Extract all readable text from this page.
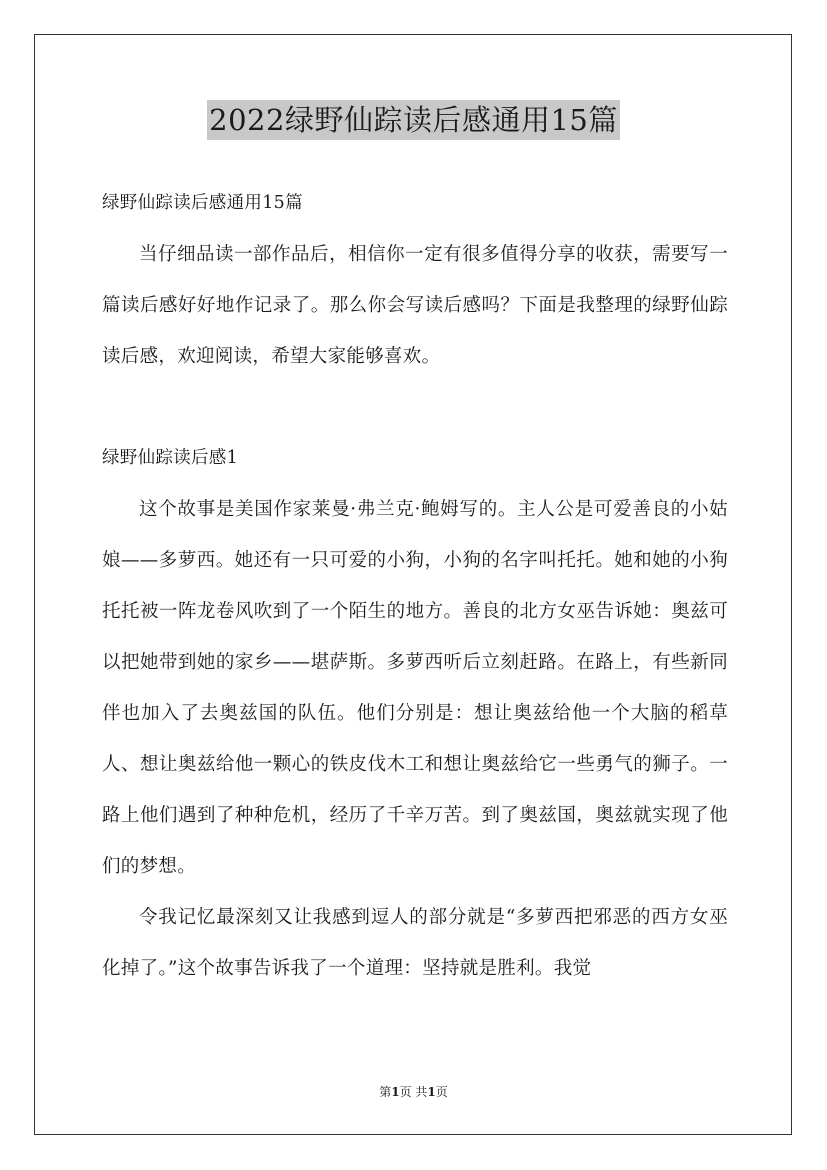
2022绿野仙踪读后感通用15篇

绿野仙踪读后感通用15篇

当仔细品读一部作品后，相信你一定有很多值得分享的收获，需要写一篇读后感好好地作记录了。那么你会写读后感吗？下面是我整理的绿野仙踪读后感，欢迎阅读，希望大家能够喜欢。

绿野仙踪读后感1

这个故事是美国作家莱曼·弗兰克·鲍姆写的。主人公是可爱善良的小姑娘——多萝西。她还有一只可爱的小狗，小狗的名字叫托托。她和她的小狗托托被一阵龙卷风吹到了一个陌生的地方。善良的北方女巫告诉她：奥兹可以把她带到她的家乡——堪萨斯。多萝西听后立刻赶路。在路上，有些新同伴也加入了去奥兹国的队伍。他们分别是：想让奥兹给他一个大脑的稻草人、想让奥兹给他一颗心的铁皮伐木工和想让奥兹给它一些勇气的狮子。一路上他们遇到了种种危机，经历了千辛万苦。到了奥兹国，奥兹就实现了他们的梦想。

令我记忆最深刻又让我感到逗人的部分就是“多萝西把邪恶的西方女巫化掉了。”这个故事告诉我了一个道理：坚持就是胜利。我觉

第1页 共1页
